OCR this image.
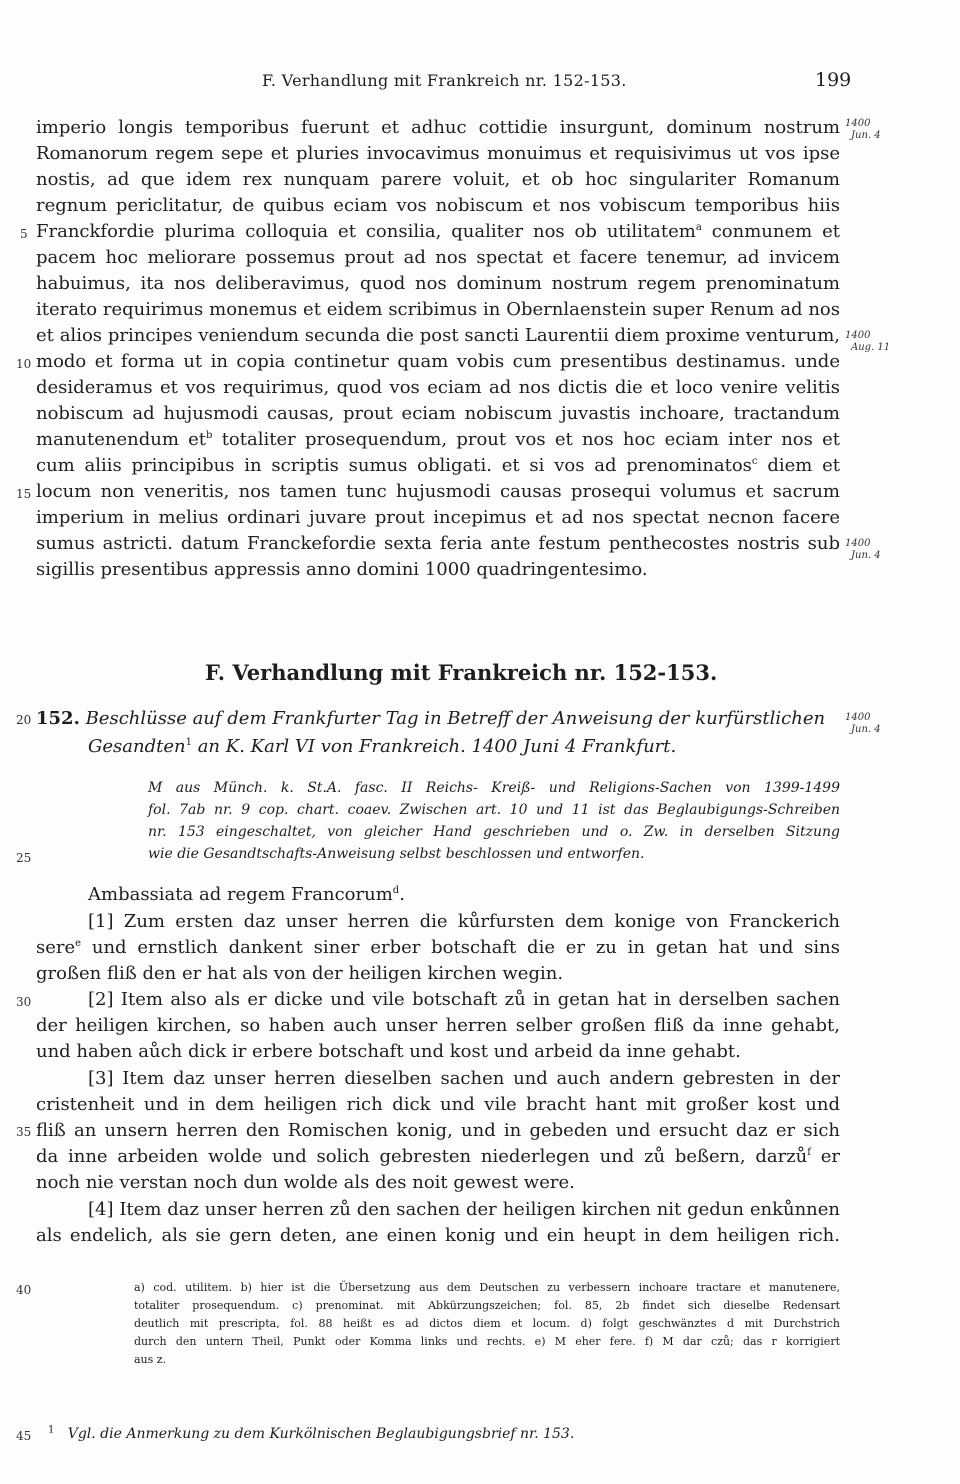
F. Verhandlung mit Frankreich nr. 152-153.	199
imperio longis temporibus fuerunt et adhuc cottidie insurgunt, dominum nostrum
Romanorum regem sepe et pluries invocavimus monuimus et requisivimus ut vos ipse
nostis, ad que idem rex nunquam parere voluit, et ob hoc singulariter Romanum
regnum periclitatur, de quibus eciam vos nobiscum et nos vobiscum temporibus hiis
Franckfordie plurima colloquia et consilia, qualiter nos ob utilitatem$^a$ conmunem et
pacem hoc meliorare possemus prout ad nos spectat et facere tenemur, ad invicem
habuimus, ita nos deliberavimus, quod nos dominum nostrum regem prenominatum
iterato requirimus monemus et eidem scribimus in Obernlaenstein super Renum ad nos
et alios principes veniendum secunda die post sancti Laurentii diem proxime venturum,
modo et forma ut in copia continetur quam vobis cum presentibus destinamus. unde
desideramus et vos requirimus, quod vos eciam ad nos dictis die et loco venire velitis
nobiscum ad hujusmodi causas, prout eciam nobiscum juvastis inchoare, tractandum
manutenendum $et^b$ totaliter prosequendum, prout vos et nos hoc eciam inter nos et
cum aliis principibus in scriptis sumus obligati. et si vos ad prenominatos$^c$ diem et
locum non veneritis, nos tamen tunc hujusmodi causas prosequi volumus et sacrum
imperium in melius ordinari juvare prout incepimus et ad nos spectat necnon facere
sumus astricti. datum Franckefordie sexta feria ante festum penthecostes nostris sub
sigillis presentibus appressis anno domini 1000 quadringentesimo.
5
10
15
20
25
30
35
40
45
1400
Jun. 4
1400
Aug. 11
1400
Jun. 4
1400
Jun. 4
F. Verhandlung mit Frankreich nr. 152-153.
152. Beschlüsse auf dem Frankfurter Tag in Betreff der Anweisung der kurfürstlichen
Gesandten$^1$ an K. Karl VI von Frankreich. 1400 Juni 4 Frankfurt.
M aus Münch. k. St.A. fasc. II Reichs- Kreiß- und Religions-Sachen von 1399-1499
fol. 7ab nr. 9 cop. chart. coaev. Zwischen art. 10 und 11 ist das Beglaubigungs-Schreiben
nr. 153 eingeschaltet, von gleicher Hand geschrieben und o. Zw. in derselben Sitzung
wie die Gesandtschafts-Anweisung selbst beschlossen und entworfen.
Ambassiata ad regem Francorum$^d$.
[1] Zum ersten daz unser herren die kůrfursten dem konige von Franckerich
sere$^e$ und ernstlich dankent siner erber botschaft die er zu in getan hat und sins
großen fliß den er hat als von der heiligen kirchen wegin.
[2] Item also als er dicke und vile botschaft zů in getan hat in derselben sachen
der heiligen kirchen, so haben auch unser herren selber großen fliß da inne gehabt,
und haben aůch dick ir erbere botschaft und kost und arbeid da inne gehabt.
[3] Item daz unser herren dieselben sachen und auch andern gebresten in der
cristenheit und in dem heiligen rich dick und vile bracht hant mit großer kost und
fliß an unsern herren den Romischen konig, und in gebeden und ersucht daz er sich
da inne arbeiden wolde und solich gebresten niederlegen und zů beßern, darzů$^f$ er
noch nie verstan noch dun wolde als des noit gewest were.
[4] Item daz unser herren zů den sachen der heiligen kirchen nit gedun enkůnnen
als endelich, als sie gern deten, ane einen konig und ein heupt in dem heiligen rich.
a) cod. utilitem. b) hier ist die Übersetzung aus dem Deutschen zu verbessern inchoare tractare et manutenere,
totaliter prosequendum. c) prenominat. mit Abkürzungszeichen; fol. 85, 2b findet sich dieselbe Redensart
deutlich mit prescripta, fol. 88 heißt es ad dictos diem et locum. d) folgt geschwänztes d mit Durchstrich
durch den untern Theil, Punkt oder Komma links und rechts. e) M eher fere. f) M dar czů; das r korrigiert
aus z.
$^1$ Vgl. die Anmerkung zu dem Kurkölnischen Beglaubigungsbrief nr. 153.
